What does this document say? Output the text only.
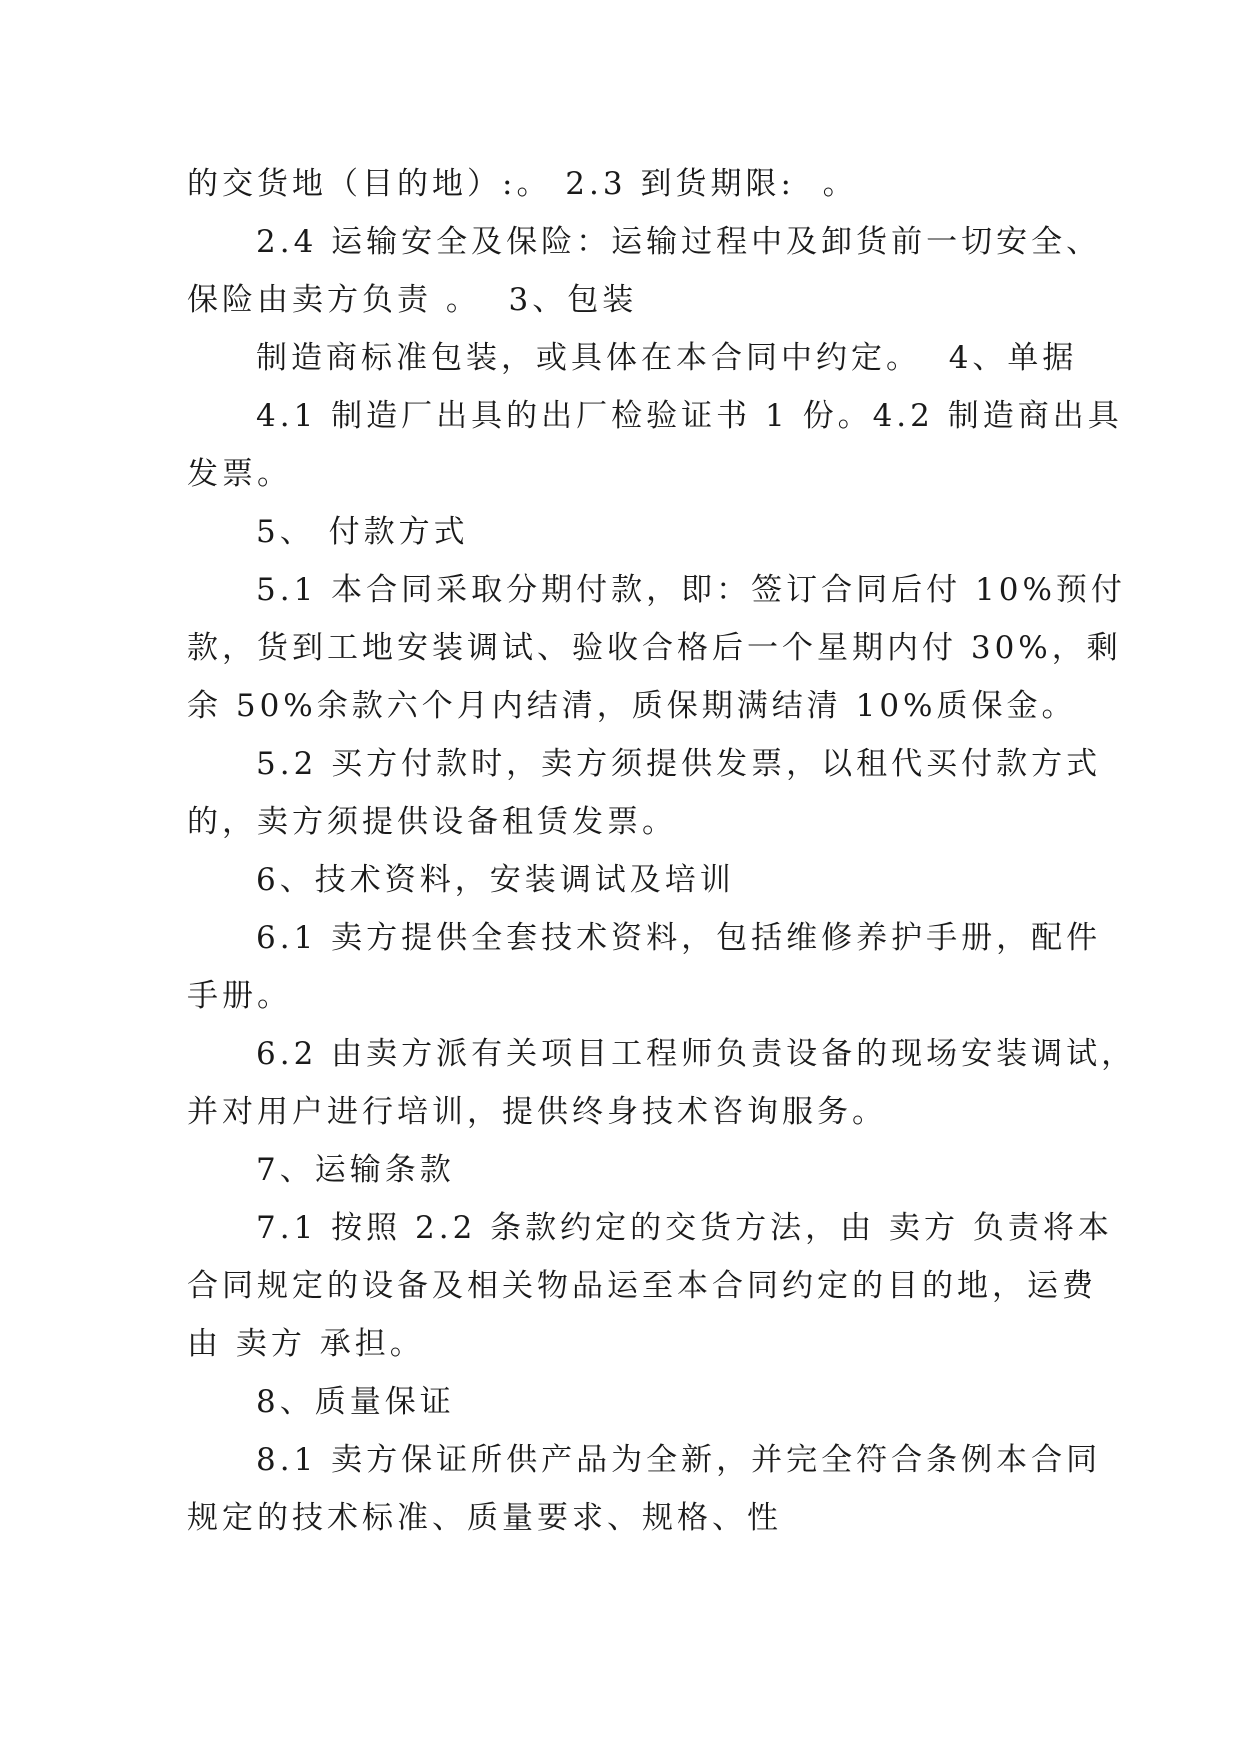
的交货地（目的地）:。 2.3 到货期限:  。
2.4 运输安全及保险：运输过程中及卸货前一切安全、
保险由卖方负责 。  3、包装
制造商标准包装，或具体在本合同中约定。  4、单据
4.1 制造厂出具的出厂检验证书 1 份。4.2 制造商出具
发票。
5、 付款方式
5.1 本合同采取分期付款，即：签订合同后付 10%预付
款，货到工地安装调试、验收合格后一个星期内付 30%，剩
余 50%余款六个月内结清，质保期满结清 10%质保金。
5.2 买方付款时，卖方须提供发票，以租代买付款方式
的，卖方须提供设备租赁发票。
6、技术资料，安装调试及培训
6.1 卖方提供全套技术资料，包括维修养护手册，配件
手册。
6.2 由卖方派有关项目工程师负责设备的现场安装调试，
并对用户进行培训，提供终身技术咨询服务。
7、运输条款
7.1 按照 2.2 条款约定的交货方法，由 卖方 负责将本
合同规定的设备及相关物品运至本合同约定的目的地，运费
由 卖方 承担。
8、质量保证
8.1 卖方保证所供产品为全新，并完全符合条例本合同
规定的技术标准、质量要求、规格、性
